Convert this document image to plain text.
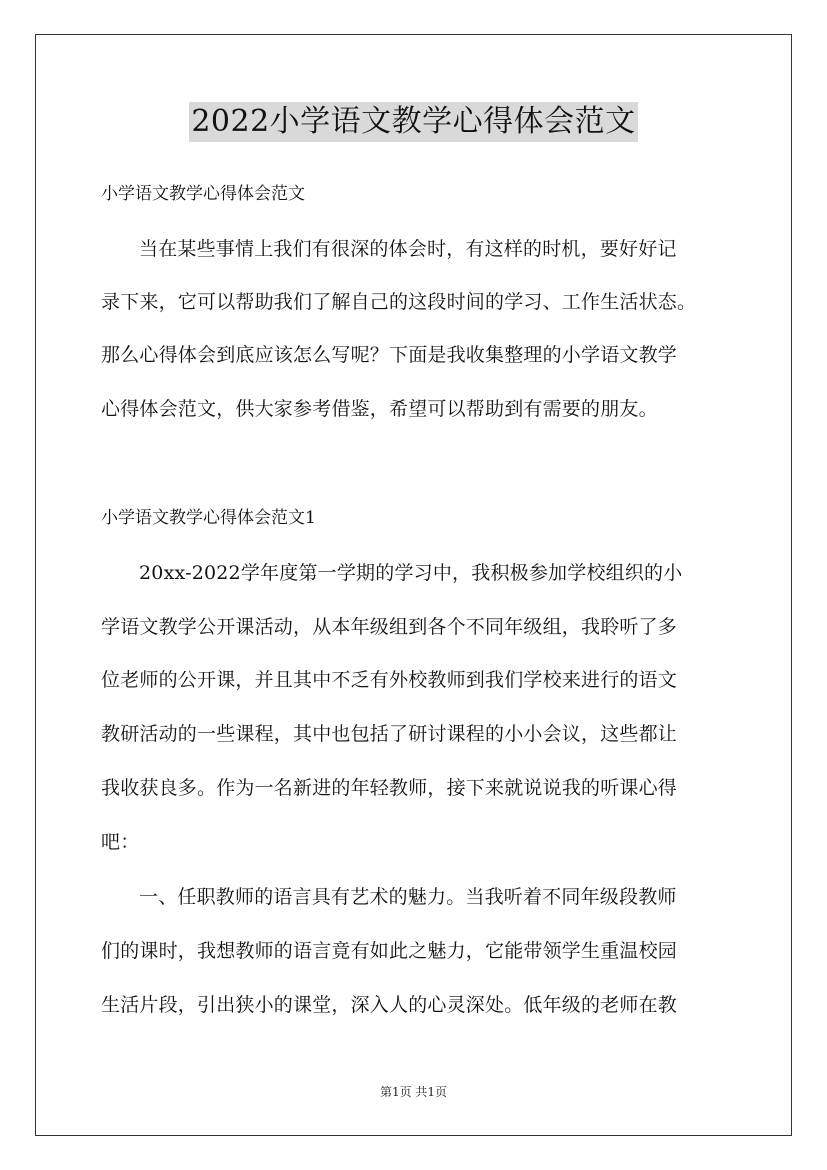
2022小学语文教学心得体会范文
小学语文教学心得体会范文
当在某些事情上我们有很深的体会时，有这样的时机，要好好记
录下来，它可以帮助我们了解自己的这段时间的学习、工作生活状态。
那么心得体会到底应该怎么写呢？下面是我收集整理的小学语文教学
心得体会范文，供大家参考借鉴，希望可以帮助到有需要的朋友。
小学语文教学心得体会范文1
20xx-2022学年度第一学期的学习中，我积极参加学校组织的小
学语文教学公开课活动，从本年级组到各个不同年级组，我聆听了多
位老师的公开课，并且其中不乏有外校教师到我们学校来进行的语文
教研活动的一些课程，其中也包括了研讨课程的小小会议，这些都让
我收获良多。作为一名新进的年轻教师，接下来就说说我的听课心得
吧：
一、任职教师的语言具有艺术的魅力。当我听着不同年级段教师
们的课时，我想教师的语言竟有如此之魅力，它能带领学生重温校园
生活片段，引出狭小的课堂，深入人的心灵深处。低年级的老师在教
第1页 共1页
